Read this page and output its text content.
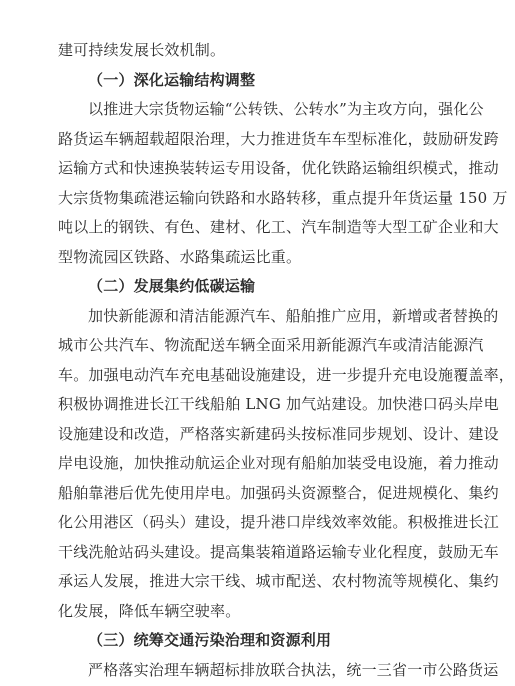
建可持续发展长效机制。
（一）深化运输结构调整
以推进大宗货物运输“公转铁、公转水”为主攻方向，强化公
路货运车辆超载超限治理，大力推进货车车型标准化，鼓励研发跨
运输方式和快速换装转运专用设备，优化铁路运输组织模式，推动
大宗货物集疏港运输向铁路和水路转移，重点提升年货运量 150 万
吨以上的钢铁、有色、建材、化工、汽车制造等大型工矿企业和大
型物流园区铁路、水路集疏运比重。
（二）发展集约低碳运输
加快新能源和清洁能源汽车、船舶推广应用，新增或者替换的
城市公共汽车、物流配送车辆全面采用新能源汽车或清洁能源汽
车。加强电动汽车充电基础设施建设，进一步提升充电设施覆盖率，
积极协调推进长江干线船舶 LNG 加气站建设。加快港口码头岸电
设施建设和改造，严格落实新建码头按标准同步规划、设计、建设
岸电设施，加快推动航运企业对现有船舶加装受电设施，着力推动
船舶靠港后优先使用岸电。加强码头资源整合，促进规模化、集约
化公用港区（码头）建设，提升港口岸线效率效能。积极推进长江
干线洗舱站码头建设。提高集装箱道路运输专业化程度，鼓励无车
承运人发展，推进大宗干线、城市配送、农村物流等规模化、集约
化发展，降低车辆空驶率。
（三）统筹交通污染治理和资源利用
严格落实治理车辆超标排放联合执法，统一三省一市公路货运
